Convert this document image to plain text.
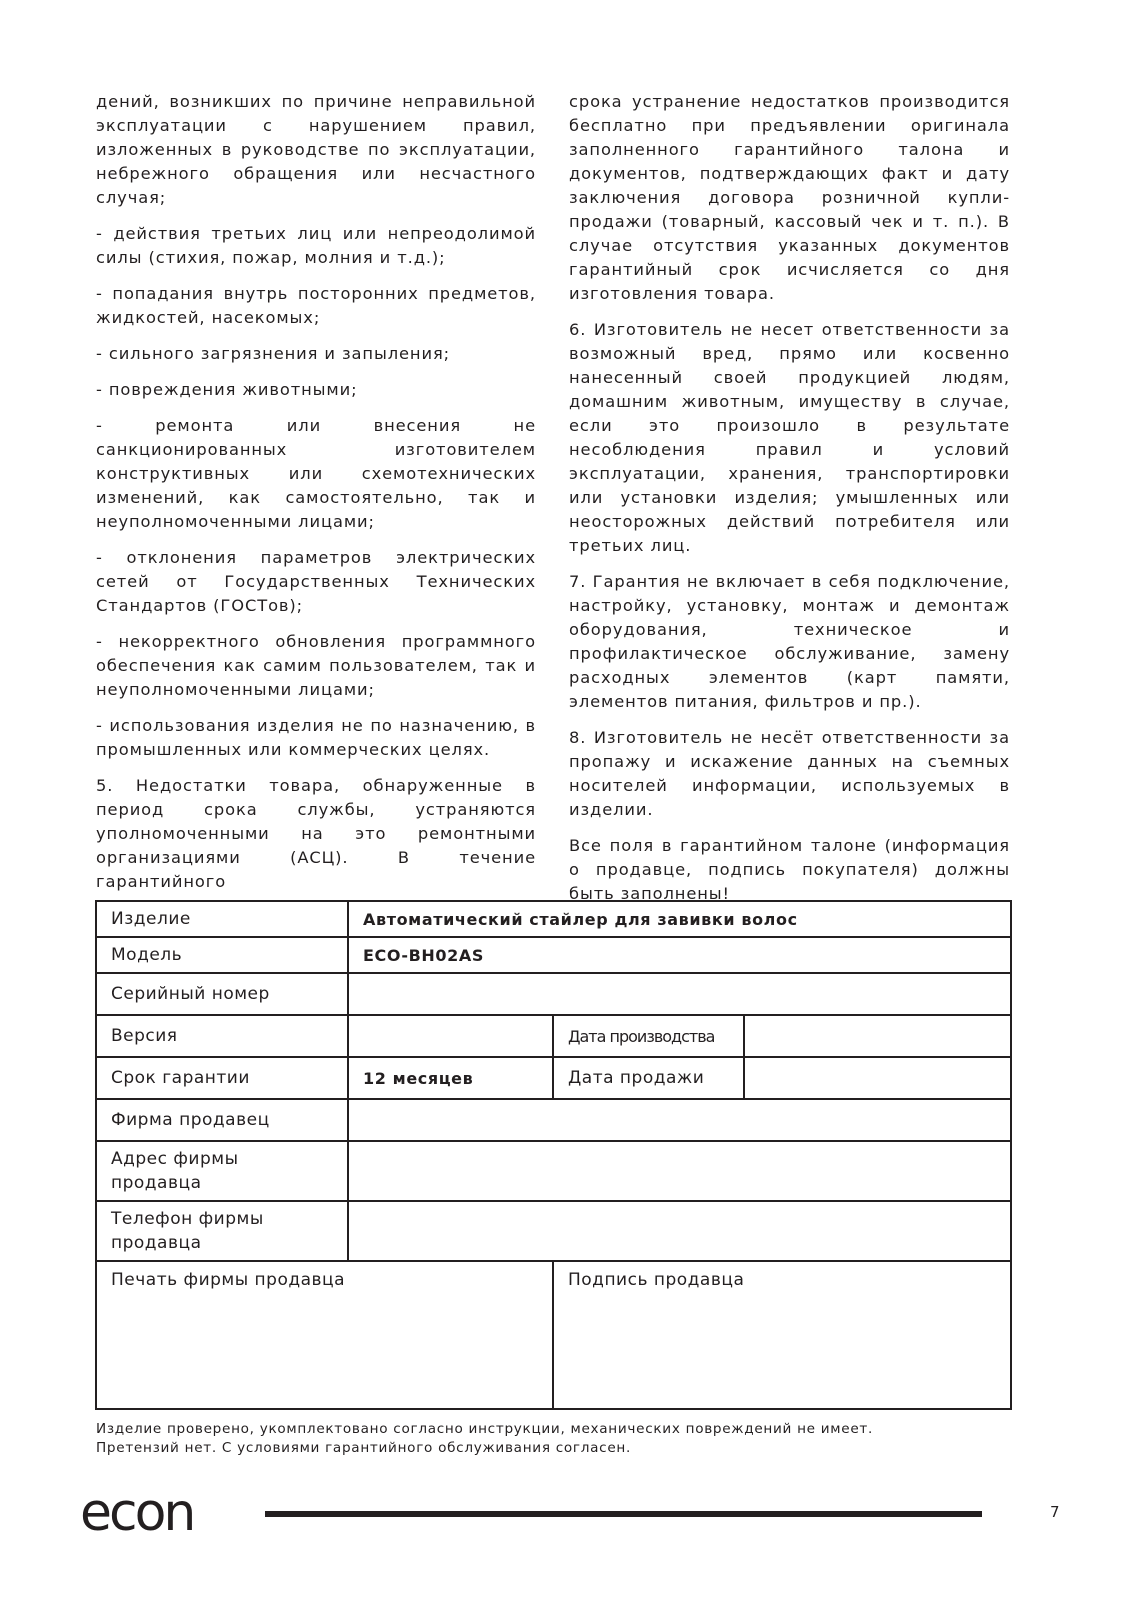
дений, возникших по причине неправильной эксплуатации с нарушением правил, изложенных в руководстве по эксплуатации, небрежного обращения или несчастного случая;

- действия третьих лиц или непреодолимой силы (стихия, пожар, молния и т.д.);

- попадания внутрь посторонних предметов, жидкостей, насекомых;

- сильного загрязнения и запыления;

- повреждения животными;

- ремонта или внесения не санкционированных изготовителем конструктивных или схемотехнических изменений, как самостоятельно, так и неуполномоченными лицами;

- отклонения параметров электрических сетей от Государственных Технических Стандартов (ГОСТов);

- некорректного обновления программного обеспечения как самим пользователем, так и неуполномоченными лицами;

- использования изделия не по назначению, в промышленных или коммерческих целях.

5. Недостатки товара, обнаруженные в период срока службы, устраняются уполномоченными на это ремонтными организациями (АСЦ). В течение гарантийного

срока устранение недостатков производится бесплатно при предъявлении оригинала заполненного гарантийного талона и документов, подтверждающих факт и дату заключения договора розничной купли-продажи (товарный, кассовый чек и т. п.). В случае отсутствия указанных документов гарантийный срок исчисляется со дня изготовления товара.

6. Изготовитель не несет ответственности за возможный вред, прямо или косвенно нанесенный своей продукцией людям, домашним животным, имуществу в случае, если это произошло в результате несоблюдения правил и условий эксплуатации, хранения, транспортировки или установки изделия; умышленных или неосторожных действий потребителя или третьих лиц.

7. Гарантия не включает в себя подключение, настройку, установку, монтаж и демонтаж оборудования, техническое и профилактическое обслуживание, замену расходных элементов (карт памяти, элементов питания, фильтров и пр.).

8. Изготовитель не несёт ответственности за пропажу и искажение данных на съемных носителей информации, используемых в изделии.

Все поля в гарантийном талоне (информация о продавце, подпись покупателя) должны быть заполнены!

Изделие	Автоматический стайлер для завивки волос		
Модель	ECO-BH02AS		
Серийный номер			
Версия		Дата производства	
Срок гарантии	12 месяцев	Дата продажи	
Фирма продавец			

Адрес фирмы
продавца			

Телефон фирмы
продавца			

Печать фирмы продавца		Подпись продавца	
Изделие проверено, укомплектовано согласно инструкции, механических повреждений не имеет.
Претензий нет. С условиями гарантийного обслуживания согласен.
econ	7
